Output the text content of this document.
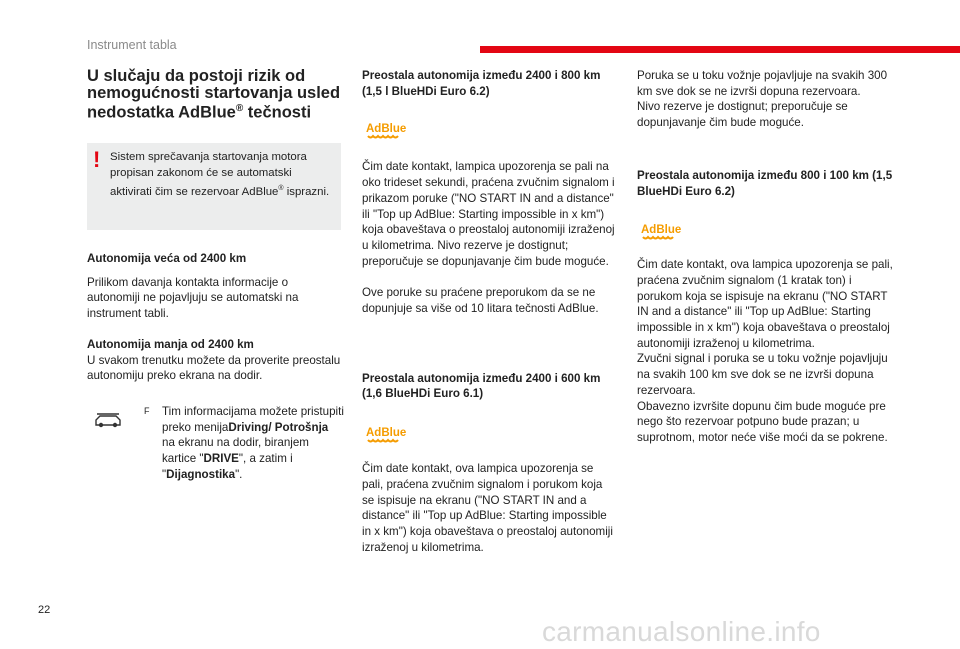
Instrument tabla
U slučaju da postoji rizik od nemogućnosti startovanja usled nedostatka AdBlue® tečnosti
! Sistem sprečavanja startovanja motora propisan zakonom će se automatski aktivirati čim se rezervoar AdBlue® isprazni.

Autonomija veća od 2400 km

Prilikom davanja kontakta informacije o autonomiji ne pojavljuju se automatski na instrument tabli.

Autonomija manja od 2400 km

U svakom trenutku možete da proverite preostalu autonomiju preko ekrana na dodir.

F Tim informacijama možete pristupiti preko menijaDriving/ Potrošnja na ekranu na dodir, biranjem kartice "DRIVE", a zatim i "Dijagnostika".

Preostala autonomija između 2400 i 800 km (1,5 l BlueHDi Euro 6.2)

AdBlue

Čim date kontakt, lampica upozorenja se pali na oko trideset sekundi, praćena zvučnim signalom i prikazom poruke ("NO START IN and a distance" ili "Top up AdBlue: Starting impossible in x km") koja obaveštava o preostaloj autonomiji izraženoj u kilometrima. Nivo rezerve je dostignut; preporučuje se dopunjavanje čim bude moguće.

Ove poruke su praćene preporukom da se ne dopunjuje sa više od 10 litara tečnosti AdBlue.

Preostala autonomija između 2400 i 600 km (1,6 BlueHDi Euro 6.1)

AdBlue

Čim date kontakt, ova lampica upozorenja se pali, praćena zvučnim signalom i porukom koja se ispisuje na ekranu ("NO START IN and a distance" ili "Top up AdBlue: Starting impossible in x km") koja obaveštava o preostaloj autonomiji izraženoj u kilometrima.

Poruka se u toku vožnje pojavljuje na svakih 300 km sve dok se ne izvrši dopuna rezervoara.

Nivo rezerve je dostignut; preporučuje se dopunjavanje čim bude moguće.

Preostala autonomija između 800 i 100 km (1,5 BlueHDi Euro 6.2)

AdBlue

Čim date kontakt, ova lampica upozorenja se pali, praćena zvučnim signalom (1 kratak ton) i porukom koja se ispisuje na ekranu ("NO START IN and a distance" ili "Top up AdBlue: Starting impossible in x km") koja obaveštava o preostaloj autonomiji izraženoj u kilometrima.

Zvučni signal i poruka se u toku vožnje pojavljuju na svakih 100 km sve dok se ne izvrši dopuna rezervoara.

Obavezno izvršite dopunu čim bude moguće pre nego što rezervoar potpuno bude prazan; u suprotnom, motor neće više moći da se pokrene.

22
carmanualsonline.info
